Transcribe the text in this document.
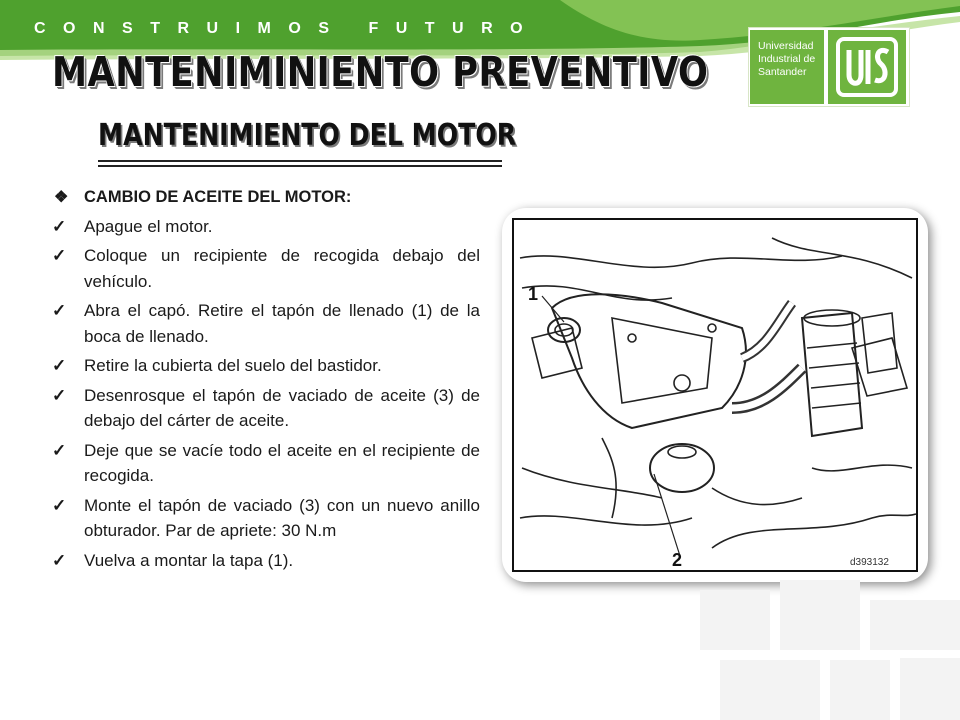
CONSTRUIMOS FUTURO
Universidad
Industrial de
Santander
MANTENIMINIENTO PREVENTIVO
MANTENIMIENTO DEL MOTOR
❖ CAMBIO DE ACEITE DEL MOTOR:
✓ Apague el motor.
✓ Coloque un recipiente de recogida debajo del vehículo.
✓ Abra el capó. Retire el tapón de llenado (1) de la boca de llenado.
✓ Retire la cubierta del suelo del bastidor.
✓ Desenrosque el tapón de vaciado de aceite (3) de debajo del cárter de aceite.
✓ Deje que se vacíe todo el aceite en el recipiente de recogida.
✓ Monte el tapón de vaciado (3) con un nuevo anillo obturador. Par de apriete: 30 N.m
✓ Vuelva a montar la tapa (1).
1
2	d393132
